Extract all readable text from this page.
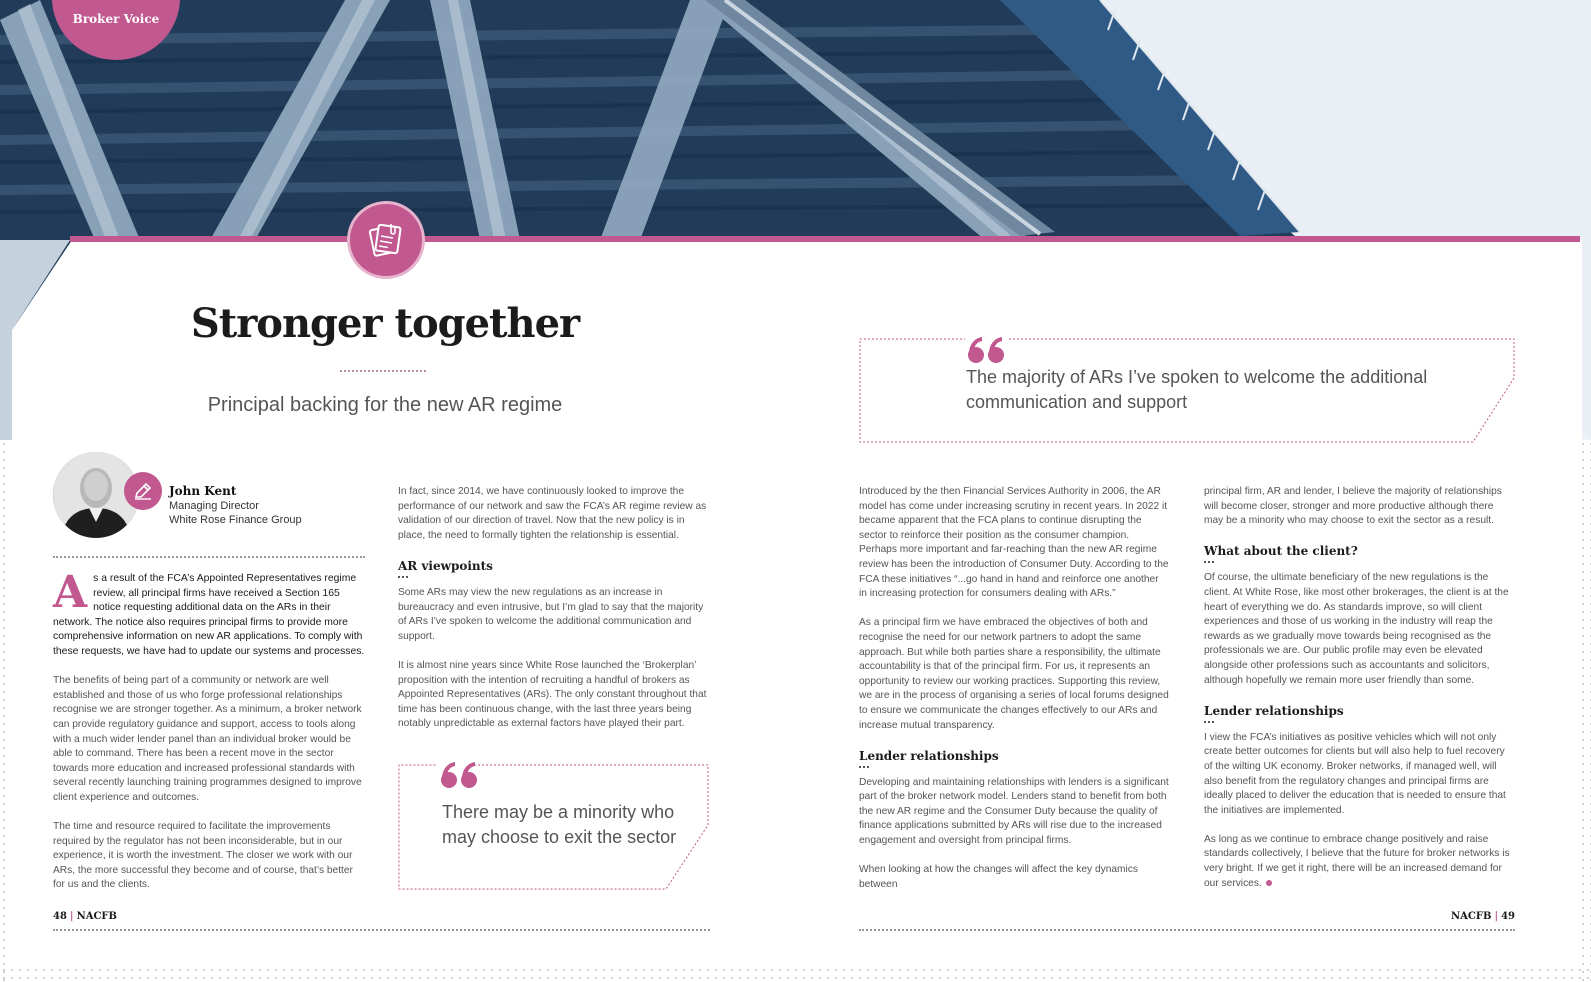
Broker Voice
Stronger together
Principal backing for the new AR regime
John Kent
Managing Director
White Rose Finance Group

As a result of the FCA’s Appointed Representatives regime review, all principal firms have received a Section 165 notice requesting additional data on the ARs in their network. The notice also requires principal firms to provide more comprehensive information on new AR applications. To comply with these requests, we have had to update our systems and processes.

The benefits of being part of a community or network are well established and those of us who forge professional relationships recognise we are stronger together. As a minimum, a broker network can provide regulatory guidance and support, access to tools along with a much wider lender panel than an individual broker would be able to command. There has been a recent move in the sector towards more education and increased professional standards with several recently launching training programmes designed to improve client experience and outcomes.

The time and resource required to facilitate the improvements required by the regulator has not been inconsiderable, but in our experience, it is worth the investment. The closer we work with our ARs, the more successful they become and of course, that’s better for us and the clients.

In fact, since 2014, we have continuously looked to improve the performance of our network and saw the FCA’s AR regime review as validation of our direction of travel. Now that the new policy is in place, the need to formally tighten the relationship is essential.

AR viewpoints

Some ARs may view the new regulations as an increase in bureaucracy and even intrusive, but I’m glad to say that the majority of ARs I’ve spoken to welcome the additional communication and support.

It is almost nine years since White Rose launched the ‘Brokerplan’ proposition with the intention of recruiting a handful of brokers as Appointed Representatives (ARs). The only constant throughout that time has been continuous change, with the last three years being notably unpredictable as external factors have played their part.

There may be a minority who may choose to exit the sector
The majority of ARs I’ve spoken to welcome the additional communication and support

Introduced by the then Financial Services Authority in 2006, the AR model has come under increasing scrutiny in recent years. In 2022 it became apparent that the FCA plans to continue disrupting the sector to reinforce their position as the consumer champion. Perhaps more important and far-reaching than the new AR regime review has been the introduction of Consumer Duty. According to the FCA these initiatives “...go hand in hand and reinforce one another in increasing protection for consumers dealing with ARs.”

As a principal firm we have embraced the objectives of both and recognise the need for our network partners to adopt the same approach. But while both parties share a responsibility, the ultimate accountability is that of the principal firm. For us, it represents an opportunity to review our working practices. Supporting this review, we are in the process of organising a series of local forums designed to ensure we communicate the changes effectively to our ARs and increase mutual transparency.

Lender relationships

Developing and maintaining relationships with lenders is a significant part of the broker network model. Lenders stand to benefit from both the new AR regime and the Consumer Duty because the quality of finance applications submitted by ARs will rise due to the increased engagement and oversight from principal firms.

When looking at how the changes will affect the key dynamics between

principal firm, AR and lender, I believe the majority of relationships will become closer, stronger and more productive although there may be a minority who may choose to exit the sector as a result.

What about the client?

Of course, the ultimate beneficiary of the new regulations is the client. At White Rose, like most other brokerages, the client is at the heart of everything we do. As standards improve, so will client experiences and those of us working in the industry will reap the rewards as we gradually move towards being recognised as the professionals we are. Our public profile may even be elevated alongside other professions such as accountants and solicitors, although hopefully we remain more user friendly than some.

Lender relationships

I view the FCA’s initiatives as positive vehicles which will not only create better outcomes for clients but will also help to fuel recovery of the wilting UK economy. Broker networks, if managed well, will also benefit from the regulatory changes and principal firms are ideally placed to deliver the education that is needed to ensure that the initiatives are implemented.

As long as we continue to embrace change positively and raise standards collectively, I believe that the future for broker networks is very bright. If we get it right, there will be an increased demand for our services.

48 | NACFB	NACFB | 49
